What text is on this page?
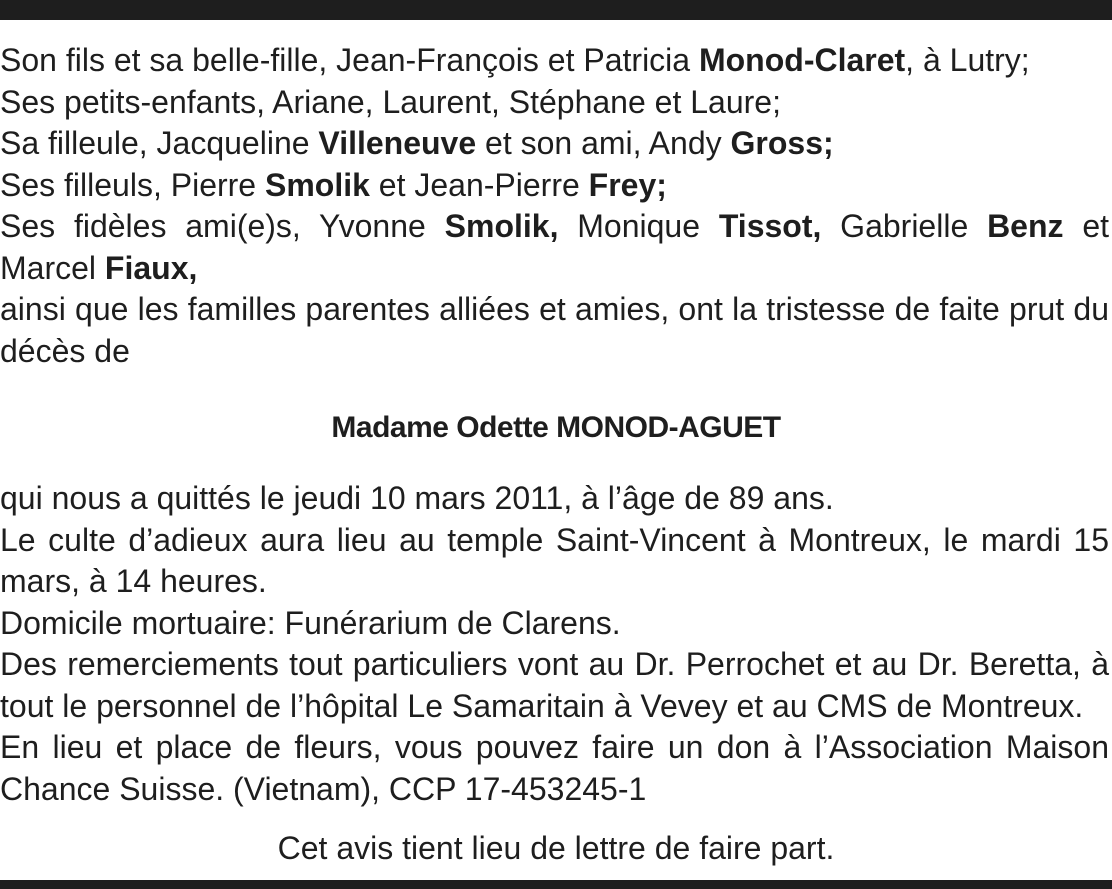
Son fils et sa belle-fille, Jean-François et Patricia Monod-Claret, à Lutry;
Ses petits-enfants, Ariane, Laurent, Stéphane et Laure;
Sa filleule, Jacqueline Villeneuve et son ami, Andy Gross;
Ses filleuls, Pierre Smolik et Jean-Pierre Frey;
Ses fidèles ami(e)s, Yvonne Smolik, Monique Tissot, Gabrielle Benz et Marcel Fiaux,
ainsi que les familles parentes alliées et amies, ont la tristesse de faite prut du décès de
Madame Odette MONOD-AGUET
qui nous a quittés le jeudi 10 mars 2011, à l’âge de 89 ans.
Le culte d’adieux aura lieu au temple Saint-Vincent à Montreux, le mardi 15 mars, à 14 heures.
Domicile mortuaire: Funérarium de Clarens.
Des remerciements tout particuliers vont au Dr. Perrochet et au Dr. Beretta, à tout le personnel de l’hôpital Le Samaritain à Vevey et au CMS de Montreux.
En lieu et place de fleurs, vous pouvez faire un don à l’Association Maison Chance Suisse. (Vietnam), CCP 17-453245-1

Cet avis tient lieu de lettre de faire part.
